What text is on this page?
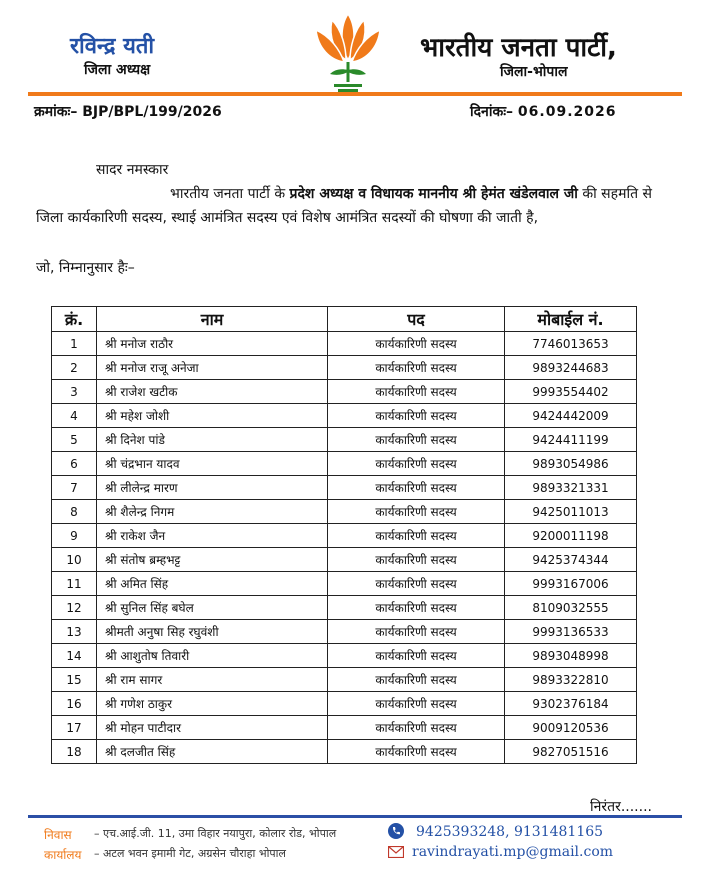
रविन्द्र यती
जिला अध्यक्ष
भारतीय जनता पार्टी,
जिला-भोपाल
क्रमांकः– BJP/BPL/199/2026	दिनांकः– 06.09.2026
सादर नमस्कार
भारतीय जनता पार्टी के प्रदेश अध्यक्ष व विधायक माननीय श्री हेमंत खंडेलवाल जी की सहमति से जिला कार्यकारिणी सदस्य, स्थाई आमंत्रित सदस्य एवं विशेष आमंत्रित सदस्यों की घोषणा की जाती है,
जो, निम्नानुसार हैः–
क्रं.	नाम	पद	मोबाईल नं.
1	श्री मनोज राठौर	कार्यकारिणी सदस्य	7746013653
2	श्री मनोज राजू अनेजा	कार्यकारिणी सदस्य	9893244683
3	श्री राजेश खटीक	कार्यकारिणी सदस्य	9993554402
4	श्री महेश जोशी	कार्यकारिणी सदस्य	9424442009
5	श्री दिनेश पांडे	कार्यकारिणी सदस्य	9424411199
6	श्री चंद्रभान यादव	कार्यकारिणी सदस्य	9893054986
7	श्री लीलेन्द्र मारण	कार्यकारिणी सदस्य	9893321331
8	श्री शैलेन्द्र निगम	कार्यकारिणी सदस्य	9425011013
9	श्री राकेश जैन	कार्यकारिणी सदस्य	9200011198
10	श्री संतोष ब्रम्हभट्ट	कार्यकारिणी सदस्य	9425374344
11	श्री अमित सिंह	कार्यकारिणी सदस्य	9993167006
12	श्री सुनिल सिंह बघेल	कार्यकारिणी सदस्य	8109032555
13	श्रीमती अनुषा सिह रघुवंशी	कार्यकारिणी सदस्य	9993136533
14	श्री आशुतोष तिवारी	कार्यकारिणी सदस्य	9893048998
15	श्री राम सागर	कार्यकारिणी सदस्य	9893322810
16	श्री गणेश ठाकुर	कार्यकारिणी सदस्य	9302376184
17	श्री मोहन पाटीदार	कार्यकारिणी सदस्य	9009120536
18	श्री दलजीत सिंह	कार्यकारिणी सदस्य	9827051516
निरंतर.......
निवास – एच.आई.जी. 11, उमा विहार नयापुरा, कोलार रोड, भोपाल
कार्यालय – अटल भवन इमामी गेट, अग्रसेन चौराहा भोपाल
9425393248, 9131481165
ravindrayati.mp@gmail.com
